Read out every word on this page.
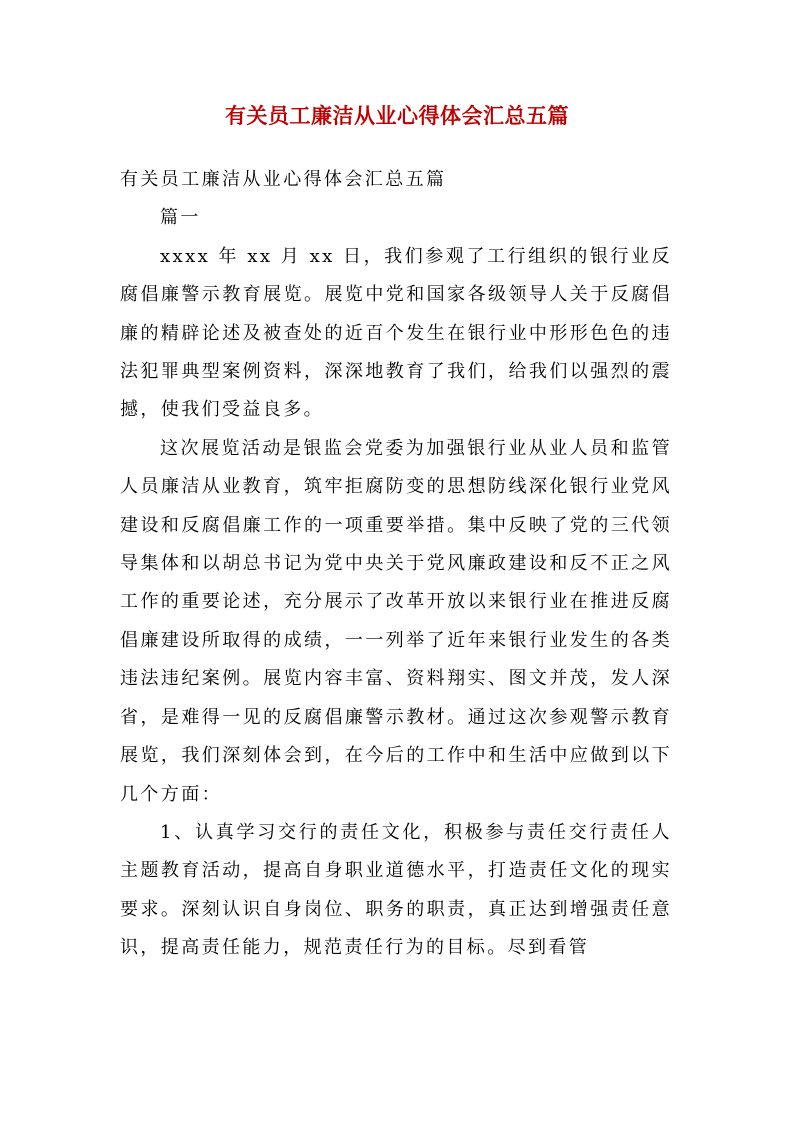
有关员工廉洁从业心得体会汇总五篇

有关员工廉洁从业心得体会汇总五篇

篇一

xxxx 年 xx 月 xx 日，我们参观了工行组织的银行业反腐倡廉警示教育展览。展览中党和国家各级领导人关于反腐倡廉的精辟论述及被查处的近百个发生在银行业中形形色色的违法犯罪典型案例资料，深深地教育了我们，给我们以强烈的震撼，使我们受益良多。

这次展览活动是银监会党委为加强银行业从业人员和监管人员廉洁从业教育，筑牢拒腐防变的思想防线深化银行业党风建设和反腐倡廉工作的一项重要举措。集中反映了党的三代领导集体和以胡总书记为党中央关于党风廉政建设和反不正之风工作的重要论述，充分展示了改革开放以来银行业在推进反腐倡廉建设所取得的成绩，一一列举了近年来银行业发生的各类违法违纪案例。展览内容丰富、资料翔实、图文并茂，发人深省，是难得一见的反腐倡廉警示教材。通过这次参观警示教育展览，我们深刻体会到，在今后的工作中和生活中应做到以下几个方面：

1、认真学习交行的责任文化，积极参与责任交行责任人主题教育活动，提高自身职业道德水平，打造责任文化的现实要求。深刻认识自身岗位、职务的职责，真正达到增强责任意识，提高责任能力，规范责任行为的目标。尽到看管
